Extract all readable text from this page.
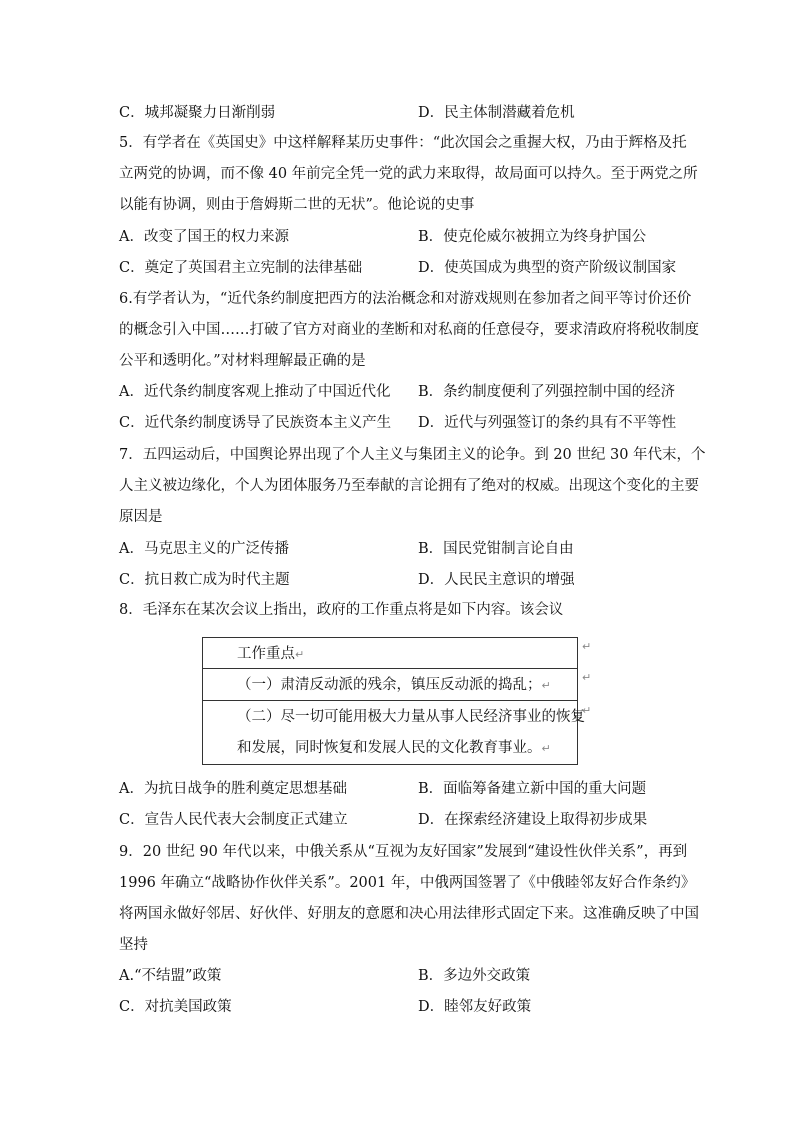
C．城邦凝聚力日渐削弱	D．民主体制潜藏着危机
5．有学者在《英国史》中这样解释某历史事件：“此次国会之重握大权，乃由于辉格及托
立两党的协调，而不像 40 年前完全凭一党的武力来取得，故局面可以持久。至于两党之所
以能有协调，则由于詹姆斯二世的无状”。他论说的史事
A．改变了国王的权力来源	B．使克伦威尔被拥立为终身护国公
C．奠定了英国君主立宪制的法律基础	D．使英国成为典型的资产阶级议制国家
6.有学者认为，“近代条约制度把西方的法治概念和对游戏规则在参加者之间平等讨价还价
的概念引入中国……打破了官方对商业的垄断和对私商的任意侵夺，要求清政府将税收制度
公平和透明化。”对材料理解最正确的是
A．近代条约制度客观上推动了中国近代化 B．条约制度便利了列强控制中国的经济
C．近代条约制度诱导了民族资本主义产生 D．近代与列强签订的条约具有不平等性
7．五四运动后，中国舆论界出现了个人主义与集团主义的论争。到 20 世纪 30 年代末，个
人主义被边缘化，个人为团体服务乃至奉献的言论拥有了绝对的权威。出现这个变化的主要
原因是
A．马克思主义的广泛传播	B．国民党钳制言论自由
C．抗日救亡成为时代主题	D．人民民主意识的增强
8．毛泽东在某次会议上指出，政府的工作重点将是如下内容。该会议
工作重点↵
（一）肃清反动派的残余，镇压反动派的捣乱；↵
（二）尽一切可能用极大力量从事人民经济事业的恢复
和发展，同时恢复和发展人民的文化教育事业。↵
↵
↵
↵
A．为抗日战争的胜利奠定思想基础	B．面临筹备建立新中国的重大问题
C．宣告人民代表大会制度正式建立	D．在探索经济建设上取得初步成果
9．20 世纪 90 年代以来，中俄关系从“互视为友好国家”发展到“建设性伙伴关系”，再到
1996 年确立“战略协作伙伴关系”。2001 年，中俄两国签署了《中俄睦邻友好合作条约》
将两国永做好邻居、好伙伴、好朋友的意愿和决心用法律形式固定下来。这准确反映了中国
坚持
A.“不结盟”政策	B．多边外交政策
C．对抗美国政策	D．睦邻友好政策
